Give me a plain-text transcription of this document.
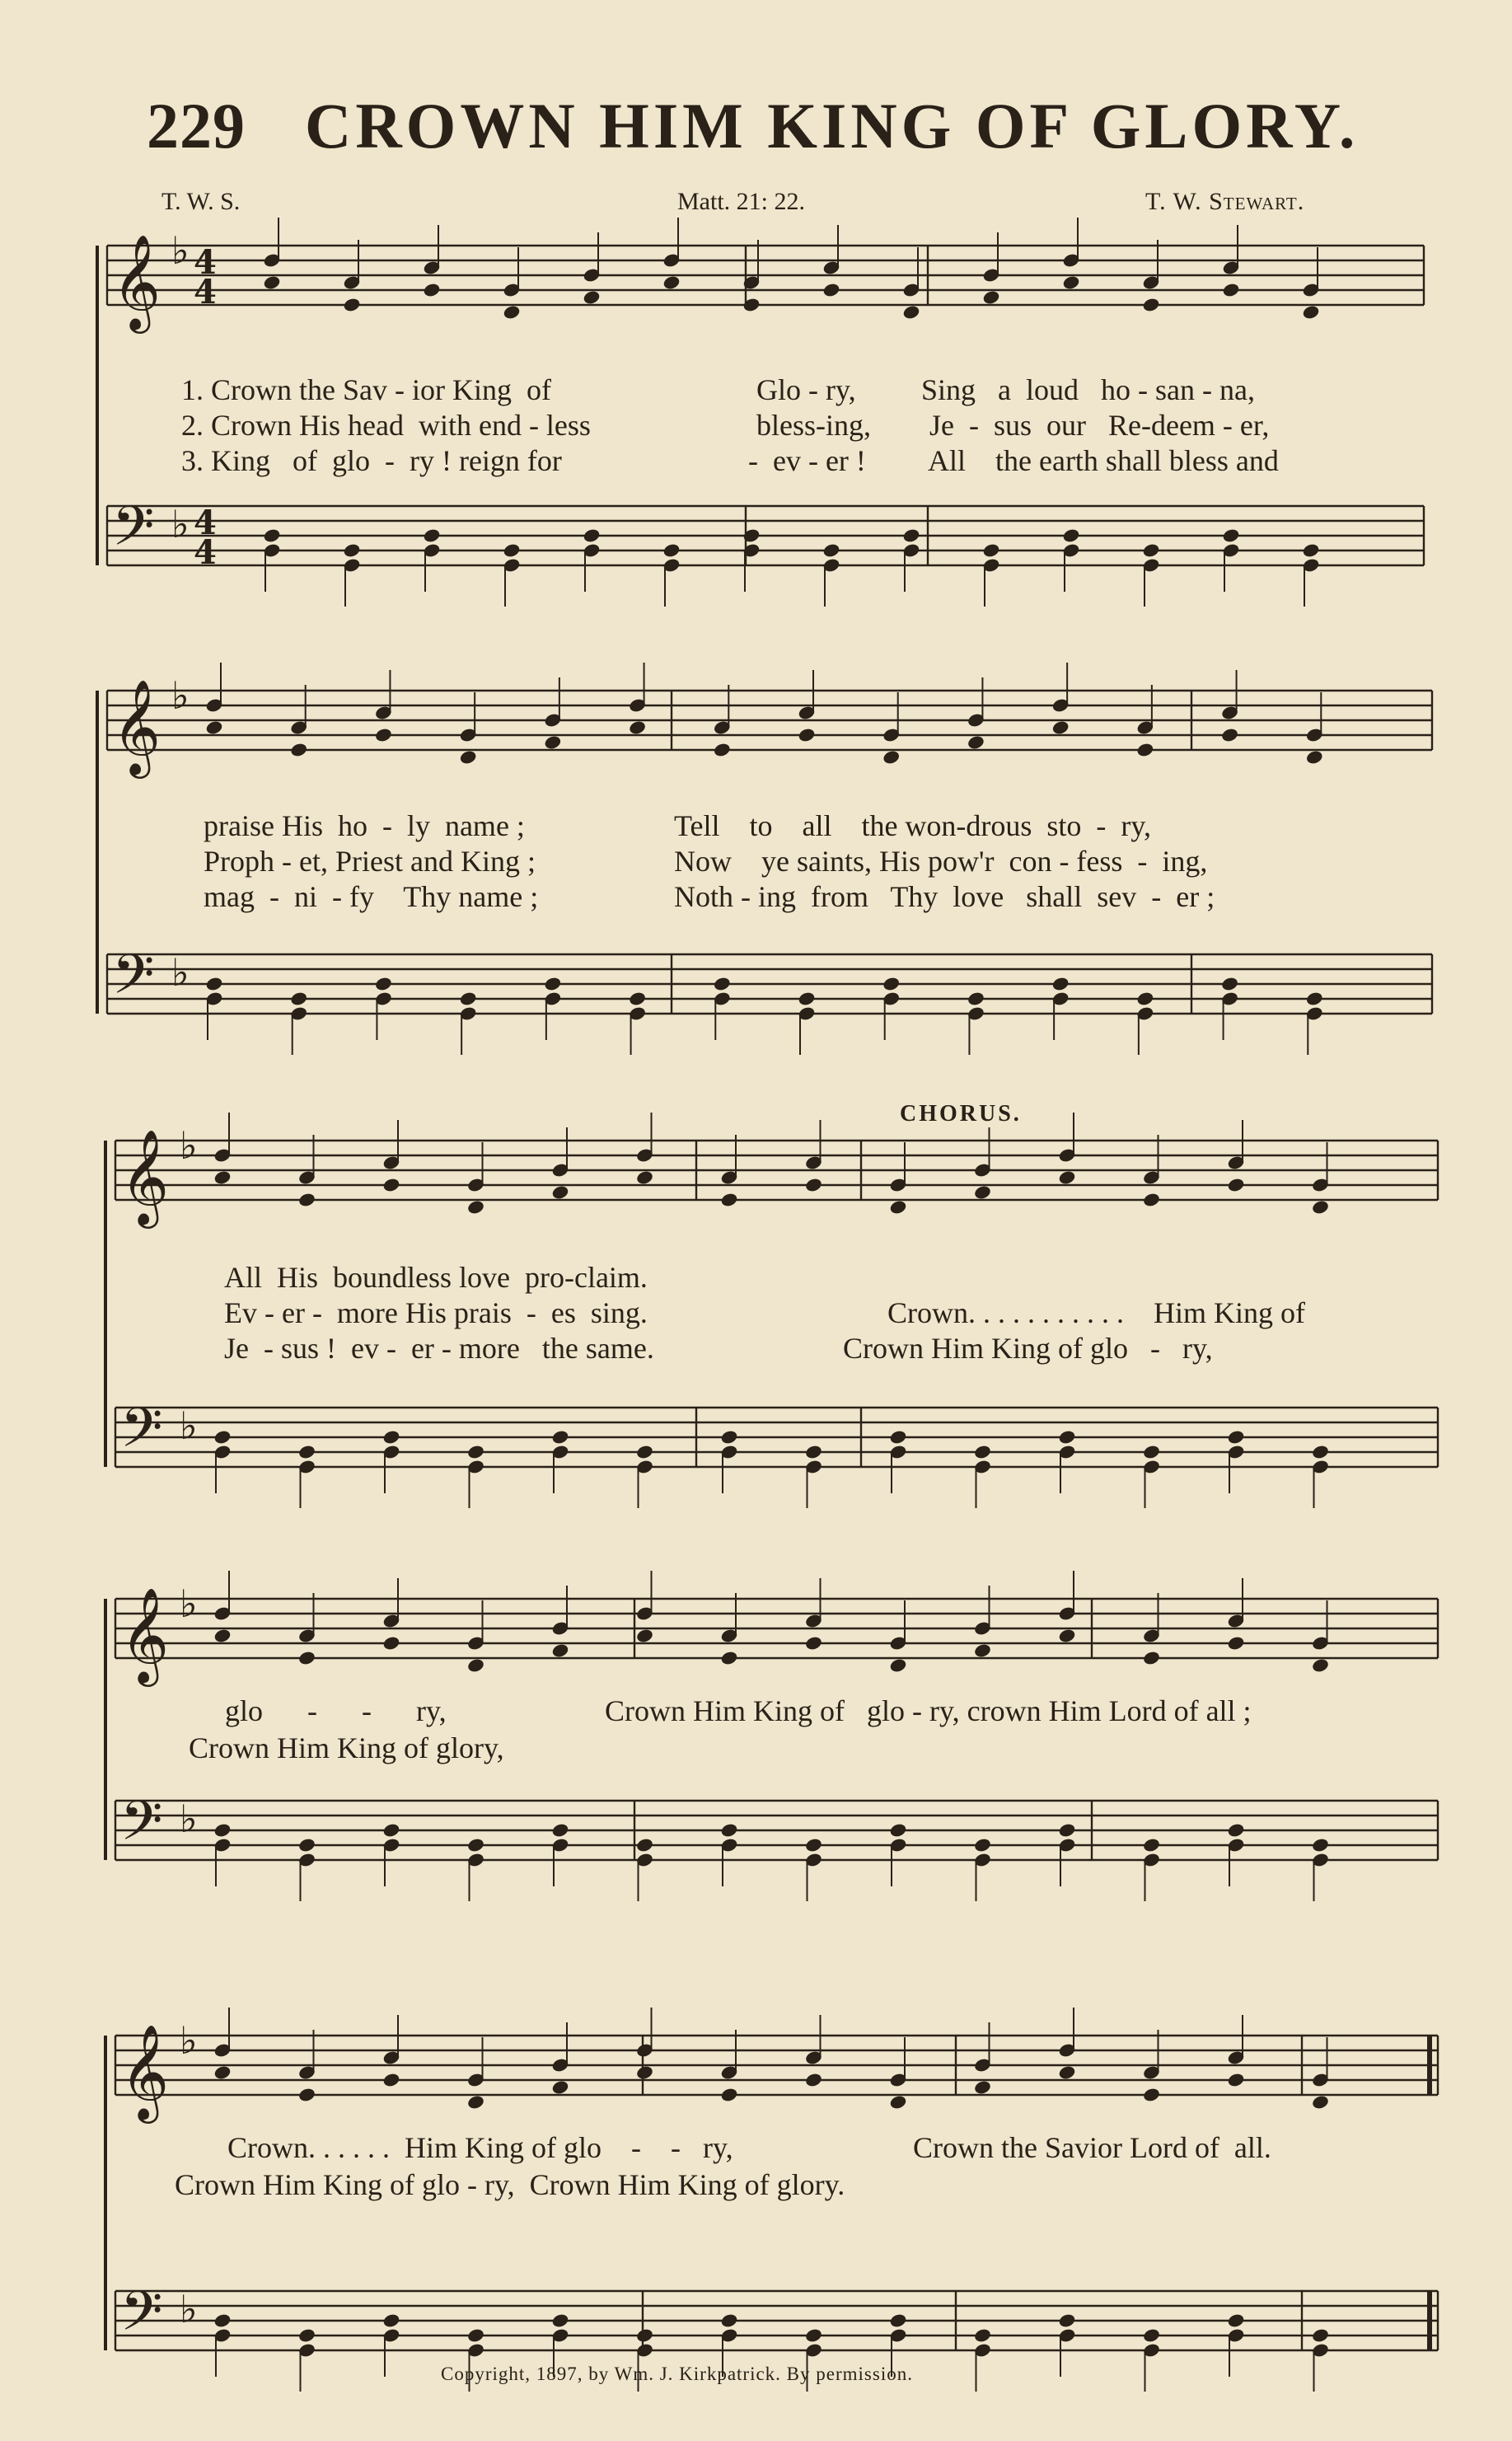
229 CROWN HIM KING OF GLORY.
T. W. S.	Matt. 21: 22.	T. W. Stewart.
𝄞
𝄢
♭
♭
𝄞
𝄢
♭
♭
𝄞
𝄢
♭
♭
𝄞
𝄢
♭
♭
𝄞
𝄢
♭
♭
4
4
4
4
1. Crown the Sav - ior King  of	Glo - ry, Sing   a  loud   ho - san - na,
2. Crown His head  with end - less	bless-ing, Je  -  sus  our   Re-deem - er,
3. King   of  glo  -  ry ! reign for	-  ev - er ! All    the earth shall bless and
praise His  ho  -  ly  name ;	Tell    to    all    the won-drous  sto  -  ry,
Proph - et, Priest and King ;	Now    ye saints, His pow'r  con - fess  -  ing,
mag  -  ni  - fy    Thy name ;	Noth - ing  from   Thy  love   shall  sev  -  er ;
CHORUS.
All  His  boundless love  pro-claim.
Ev - er -  more His prais  -  es  sing.	Crown. . . . . . . . . . .    Him King of
Je  - sus !  ev -  er - more   the same.	Crown Him King of glo   -   ry,
glo      -      -      ry,	Crown Him King of   glo - ry, crown Him Lord of all ;
Crown Him King of glory,
Crown. . . . . .  Him King of glo    -    -   ry,	Crown the Savior Lord of  all.
Crown Him King of glo - ry,  Crown Him King of glory.
Copyright, 1897, by Wm. J. Kirkpatrick. By permission.
